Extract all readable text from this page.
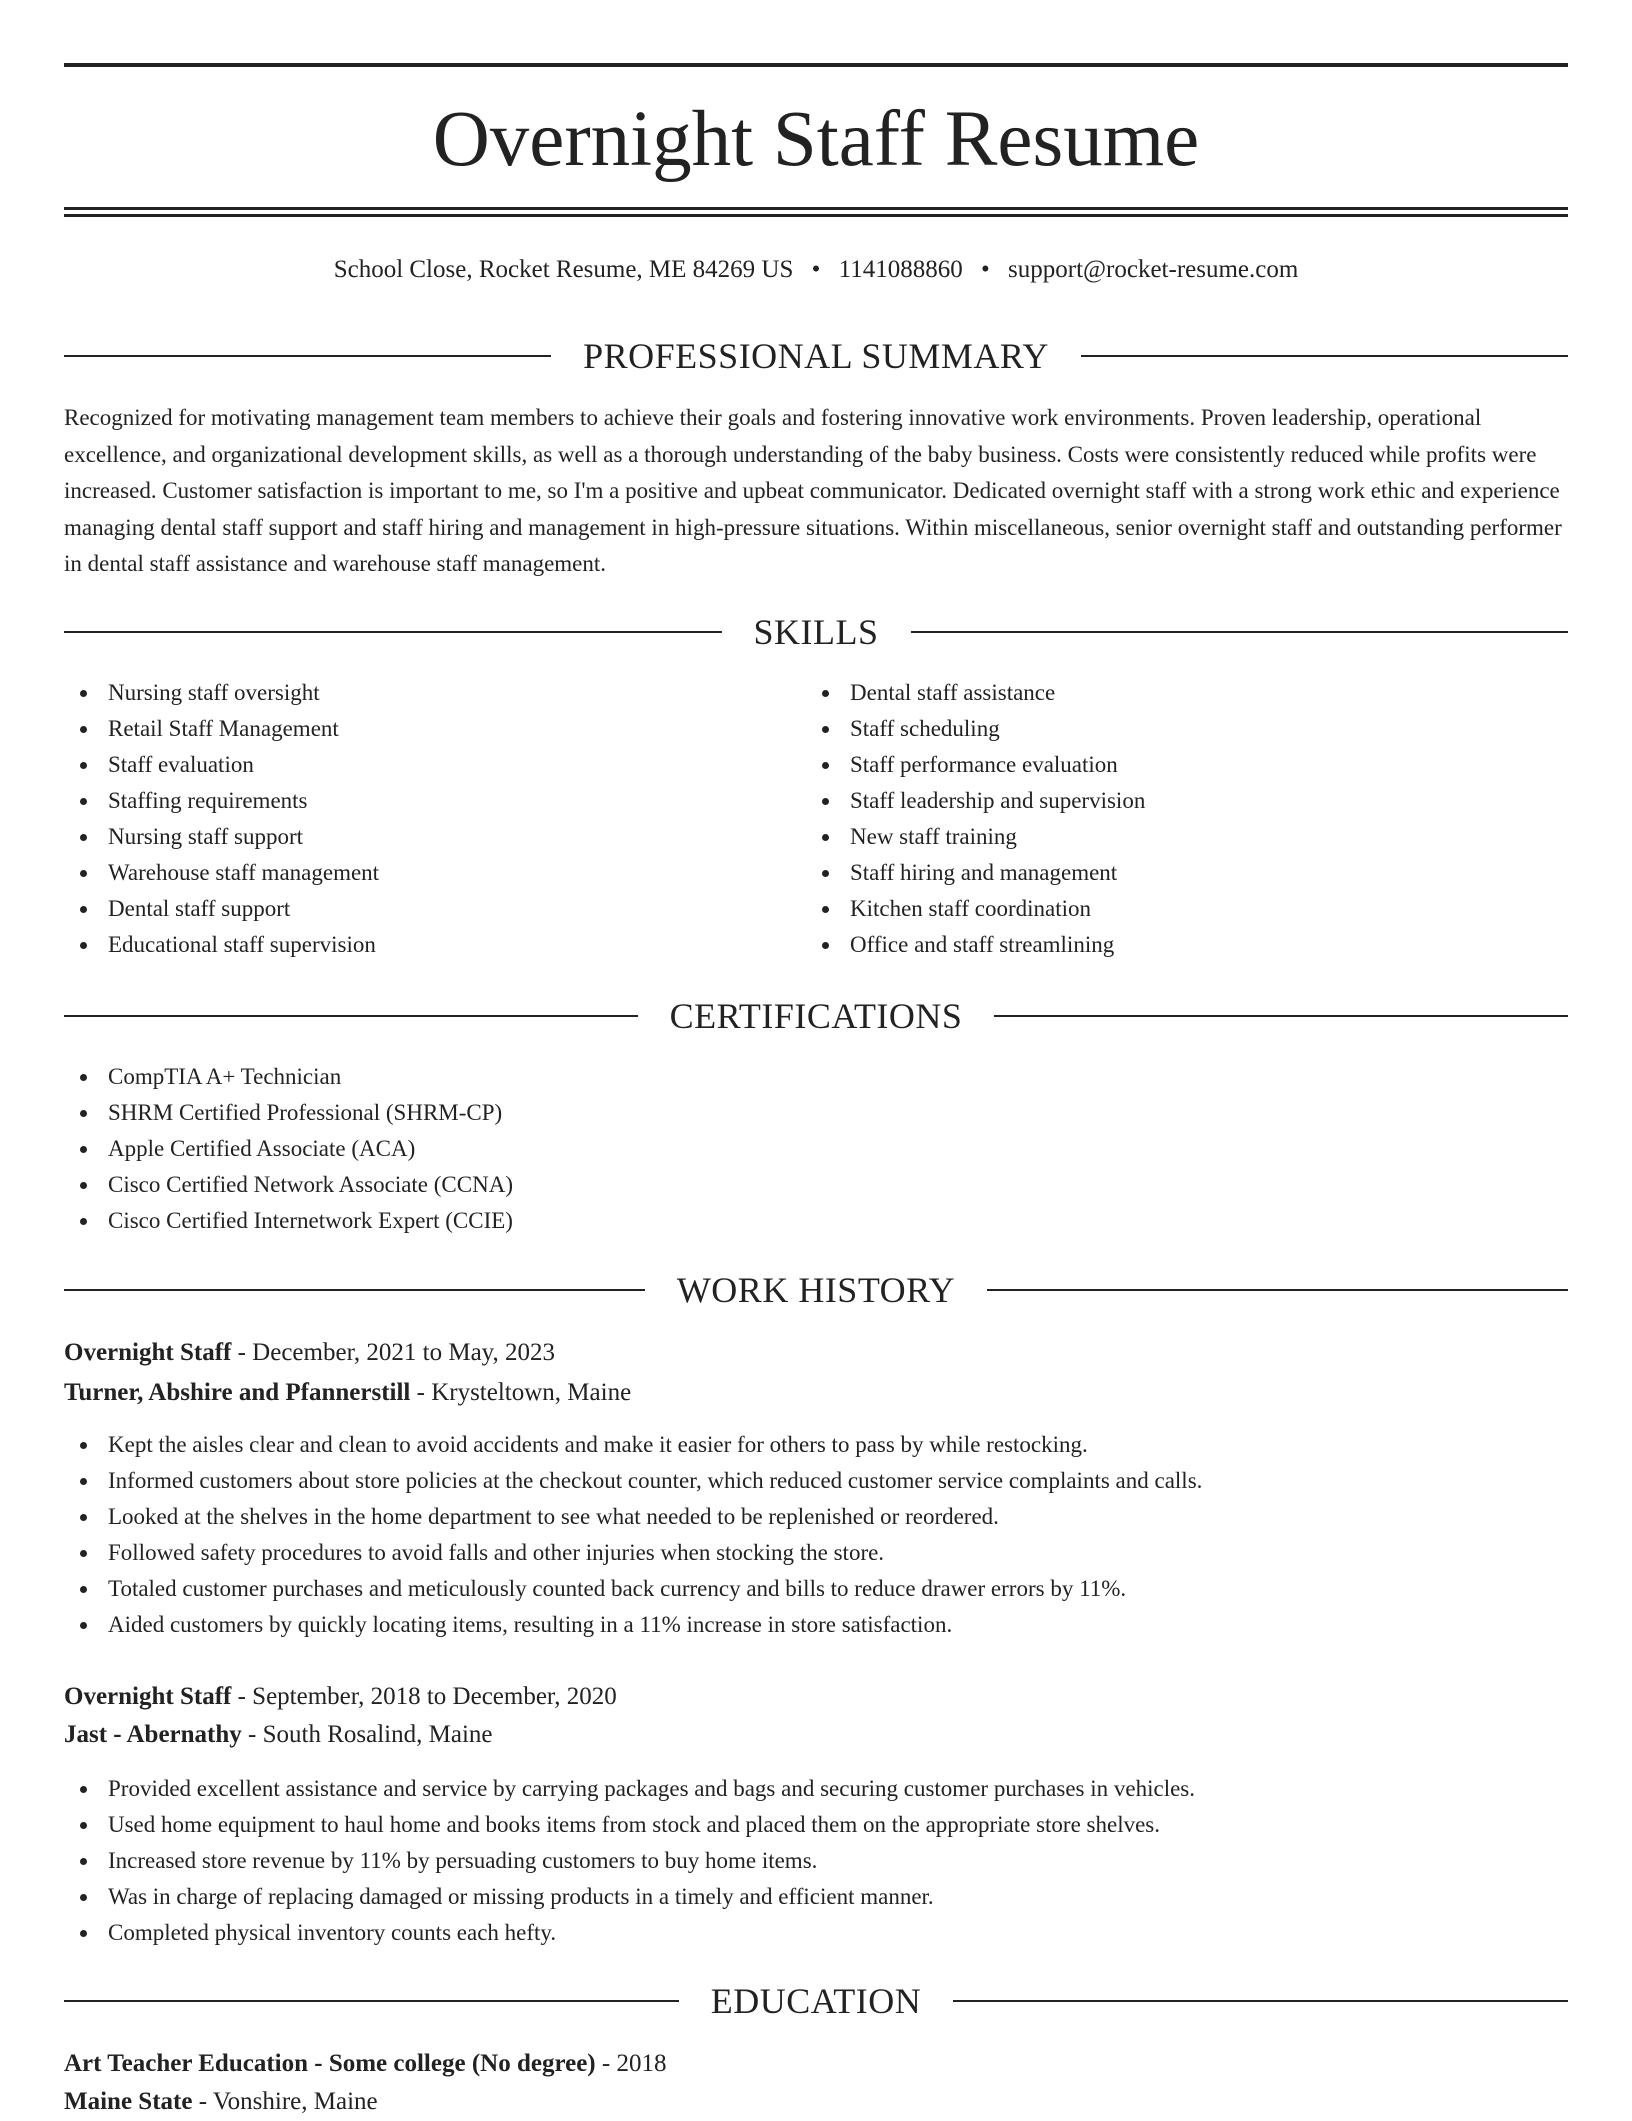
Overnight Staff Resume
School Close, Rocket Resume, ME 84269 US • 1141088860 • support@rocket-resume.com
PROFESSIONAL SUMMARY

Recognized for motivating management team members to achieve their goals and fostering innovative work environments. Proven leadership, operational excellence, and organizational development skills, as well as a thorough understanding of the baby business. Costs were consistently reduced while profits were increased. Customer satisfaction is important to me, so I'm a positive and upbeat communicator. Dedicated overnight staff with a strong work ethic and experience managing dental staff support and staff hiring and management in high-pressure situations. Within miscellaneous, senior overnight staff and outstanding performer in dental staff assistance and warehouse staff management.

SKILLS
Nursing staff oversight
Retail Staff Management
Staff evaluation
Staffing requirements
Nursing staff support
Warehouse staff management
Dental staff support
Educational staff supervision
Dental staff assistance
Staff scheduling
Staff performance evaluation
Staff leadership and supervision
New staff training
Staff hiring and management
Kitchen staff coordination
Office and staff streamlining
CERTIFICATIONS
CompTIA A+ Technician
SHRM Certified Professional (SHRM-CP)
Apple Certified Associate (ACA)
Cisco Certified Network Associate (CCNA)
Cisco Certified Internetwork Expert (CCIE)
WORK HISTORY
Overnight Staff - December, 2021 to May, 2023
Turner, Abshire and Pfannerstill - Krysteltown, Maine
Kept the aisles clear and clean to avoid accidents and make it easier for others to pass by while restocking.
Informed customers about store policies at the checkout counter, which reduced customer service complaints and calls.
Looked at the shelves in the home department to see what needed to be replenished or reordered.
Followed safety procedures to avoid falls and other injuries when stocking the store.
Totaled customer purchases and meticulously counted back currency and bills to reduce drawer errors by 11%.
Aided customers by quickly locating items, resulting in a 11% increase in store satisfaction.
Overnight Staff - September, 2018 to December, 2020
Jast - Abernathy - South Rosalind, Maine
Provided excellent assistance and service by carrying packages and bags and securing customer purchases in vehicles.
Used home equipment to haul home and books items from stock and placed them on the appropriate store shelves.
Increased store revenue by 11% by persuading customers to buy home items.
Was in charge of replacing damaged or missing products in a timely and efficient manner.
Completed physical inventory counts each hefty.
EDUCATION
Art Teacher Education - Some college (No degree) - 2018
Maine State - Vonshire, Maine
